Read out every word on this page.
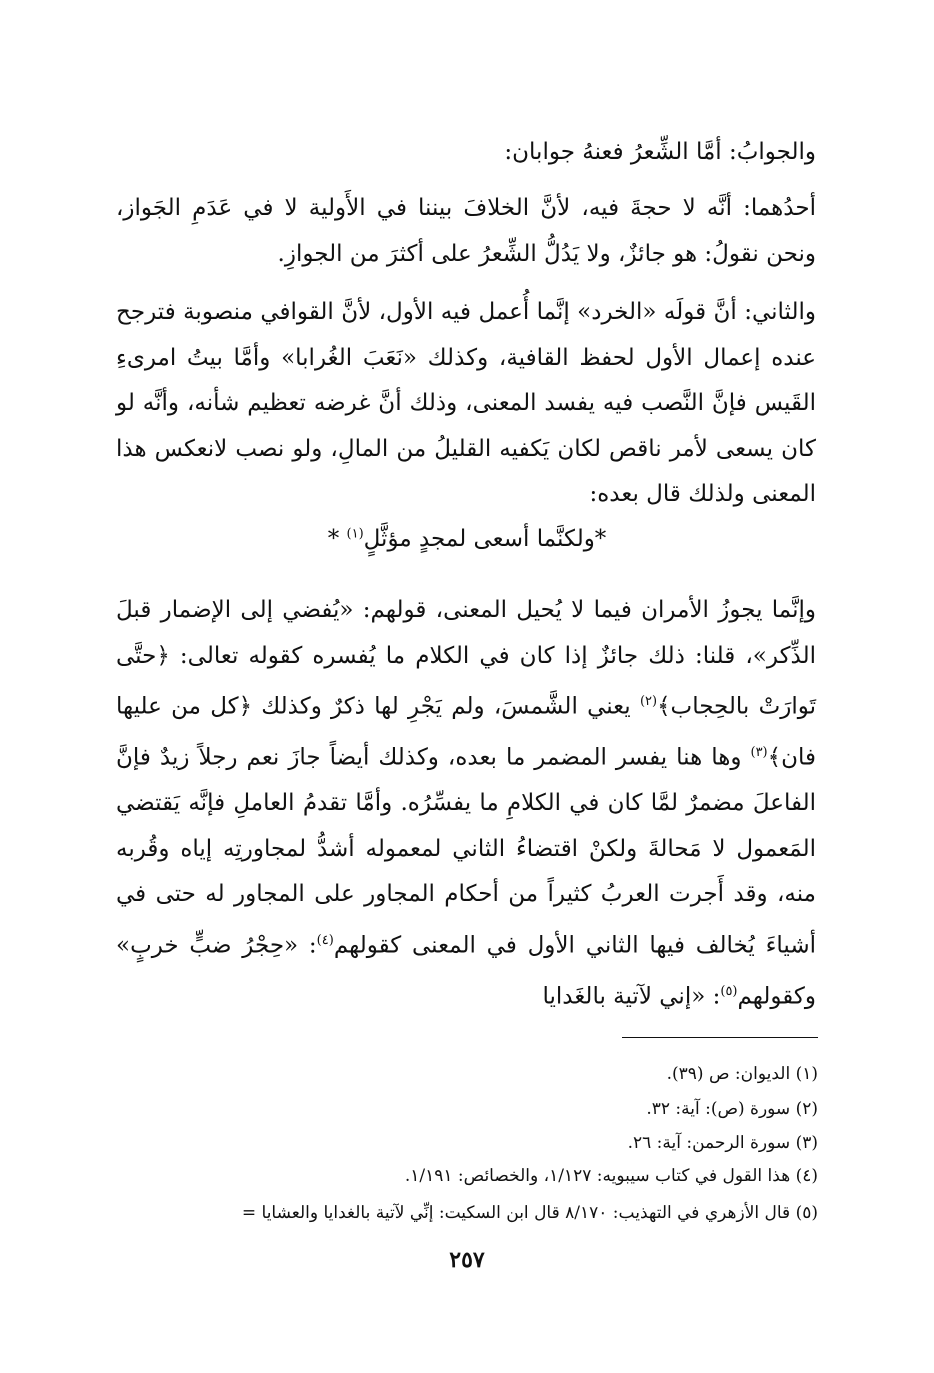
والجوابُ: أمَّا الشِّعرُ فعنهُ جوابان:

أحدُهما: أنَّه لا حجةَ فيه، لأنَّ الخلافَ بيننا في الأَولية لا في عَدَمِ الجَواز، ونحن نقولُ: هو جائزٌ، ولا يَدُلُّ الشِّعرُ على أكثرَ من الجوازِ.

والثاني: أنَّ قولَه «الخرد» إنَّما أُعمل فيه الأول، لأنَّ القوافي منصوبة فترجح عنده إعمال الأول لحفظ القافية، وكذلك «نَعَبَ الغُرابا» وأمَّا بيتُ امرىءِ القَيس فإنَّ النَّصب فيه يفسد المعنى، وذلك أنَّ غرضه تعظيم شأنه، وأنَّه لو كان يسعى لأمر ناقص لكان يَكفيه القليلُ من المالِ، ولو نصب لانعكس هذا المعنى ولذلك قال بعده:

*ولكنَّما أسعى لمجدٍ مؤثَّلٍ$^{(١)}$ *

وإنَّما يجوزُ الأمران فيما لا يُحيل المعنى، قولهم: «يُفضي إلى الإضمار قبلَ الذِّكر»، قلنا: ذلك جائزٌ إذا كان في الكلام ما يُفسره كقوله تعالى: ﴿حتَّى تَوارَتْ بالحِجاب﴾$^{(٢)}$ يعني الشَّمسَ، ولم يَجْرِ لها ذكرٌ وكذلك ﴿كل من عليها فان﴾$^{(٣)}$ وها هنا يفسر المضمر ما بعده، وكذلك أيضاً جازَ نعم رجلاً زيدٌ فإنَّ الفاعلَ مضمرٌ لمَّا كان في الكلامِ ما يفسِّرُه. وأمَّا تقدمُ العاملِ فإنَّه يَقتضي المَعمول لا مَحالةَ ولكنْ اقتضاءُ الثاني لمعموله أشدُّ لمجاورتِه إياه وقُربه منه، وقد أَجرت العربُ كثيراً من أحكام المجاور على المجاور له حتى في أشياءَ يُخالف فيها الثاني الأول في المعنى كقولهم$^{(٤)}$: «حِجْرُ ضبٍّ خربٍ» وكقولهم$^{(٥)}$: «إني لآتية بالغَدايا

(١) الديوان: ص (٣٩).

(٢) سورة (ص): آية: ٣٢.

(٣) سورة الرحمن: آية: ٢٦.

(٤) هذا القول في كتاب سيبويه: ١/١٢٧، والخصائص: ١/١٩١.

(٥) قال الأزهري في التهذيب: ٨/١٧٠ قال ابن السكيت: إنِّي لآتية بالغدايا والعشايا =

٢٥٧
